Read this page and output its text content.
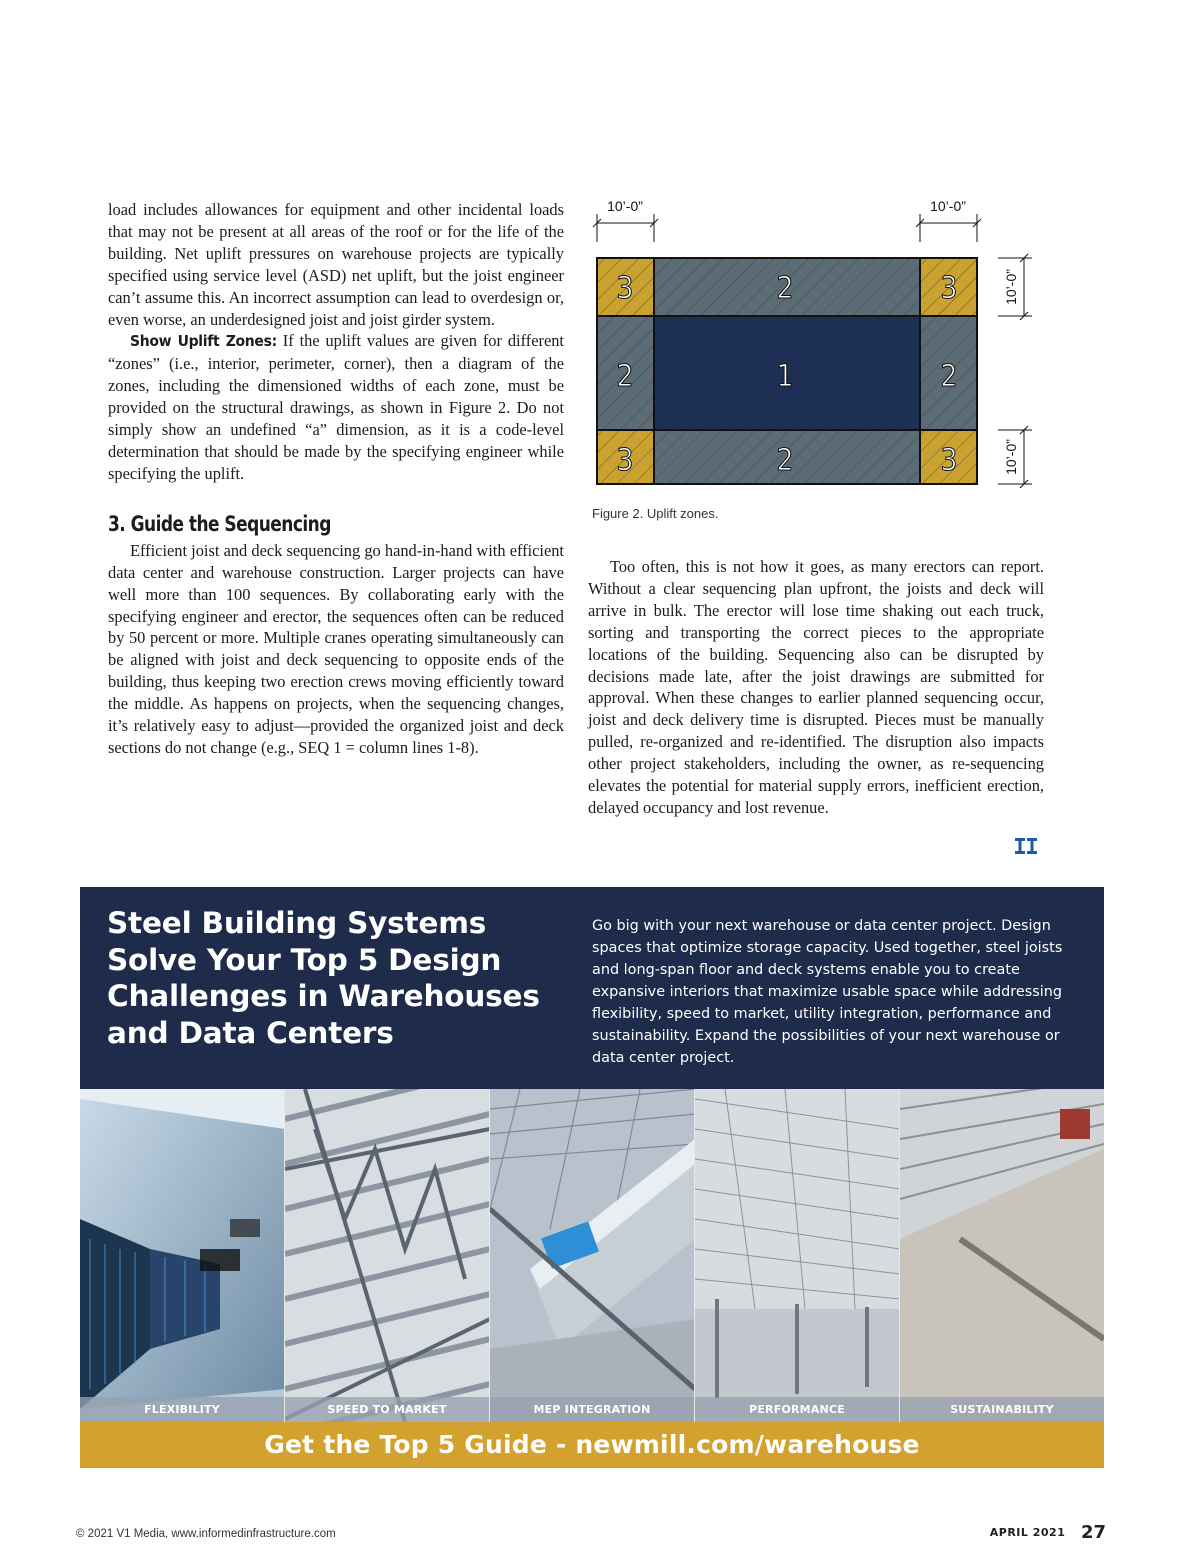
load includes allowances for equipment and other incidental loads that may not be present at all areas of the roof or for the life of the building. Net uplift pressures on warehouse projects are typically specified using service level (ASD) net uplift, but the joist engineer can’t assume this. An incorrect assumption can lead to overdesign or, even worse, an underdesigned joist and joist girder system.

Show Uplift Zones: If the uplift values are given for different “zones” (i.e., interior, perimeter, corner), then a diagram of the zones, including the dimensioned widths of each zone, must be provided on the structural drawings, as shown in Figure 2. Do not simply show an undefined “a” dimension, as it is a code-level determination that should be made by the specifying engineer while specifying the uplift.

3. Guide the Sequencing

Efficient joist and deck sequencing go hand-in-hand with efficient data center and warehouse construction. Larger projects can have well more than 100 sequences. By collaborating early with the specifying engineer and erector, the sequences often can be reduced by 50 percent or more. Multiple cranes operating simultaneously can be aligned with joist and deck sequencing to opposite ends of the building, thus keeping two erection crews moving efficiently toward the middle. As happens on projects, when the sequencing changes, it’s relatively easy to adjust—provided the organized joist and deck sections do not change (e.g., SEQ 1 = column lines 1-8).

3	2	3
2	1	2
3	2	3
10’-0”	10’-0”
10’-0”
10’-0”
Figure 2. Uplift zones.

Too often, this is not how it goes, as many erectors can report. Without a clear sequencing plan upfront, the joists and deck will arrive in bulk. The erector will lose time shaking out each truck, sorting and transporting the correct pieces to the appropriate locations of the building. Sequencing also can be disrupted by decisions made late, after the joist drawings are submitted for approval. When these changes to earlier planned sequencing occur, joist and deck delivery time is disrupted. Pieces must be manually pulled, re-organized and re-identified. The disruption also impacts other project stakeholders, including the owner, as re-sequencing elevates the potential for material supply errors, inefficient erection, delayed occupancy and lost revenue.

Steel Building Systems Solve Your Top 5 Design Challenges in Warehouses and Data Centers
Go big with your next warehouse or data center project. Design spaces that optimize storage capacity. Used together, steel joists and long-span floor and deck systems enable you to create expansive interiors that maximize usable space while addressing flexibility, speed to market, utility integration, performance and sustainability. Expand the possibilities of your next warehouse or data center project.
FLEXIBILITY	SPEED TO MARKET	MEP INTEGRATION	PERFORMANCE	SUSTAINABILITY
Get the Top 5 Guide - newmill.com/warehouse
© 2021 V1 Media, www.informedinfrastructure.com	APRIL 2021 27
